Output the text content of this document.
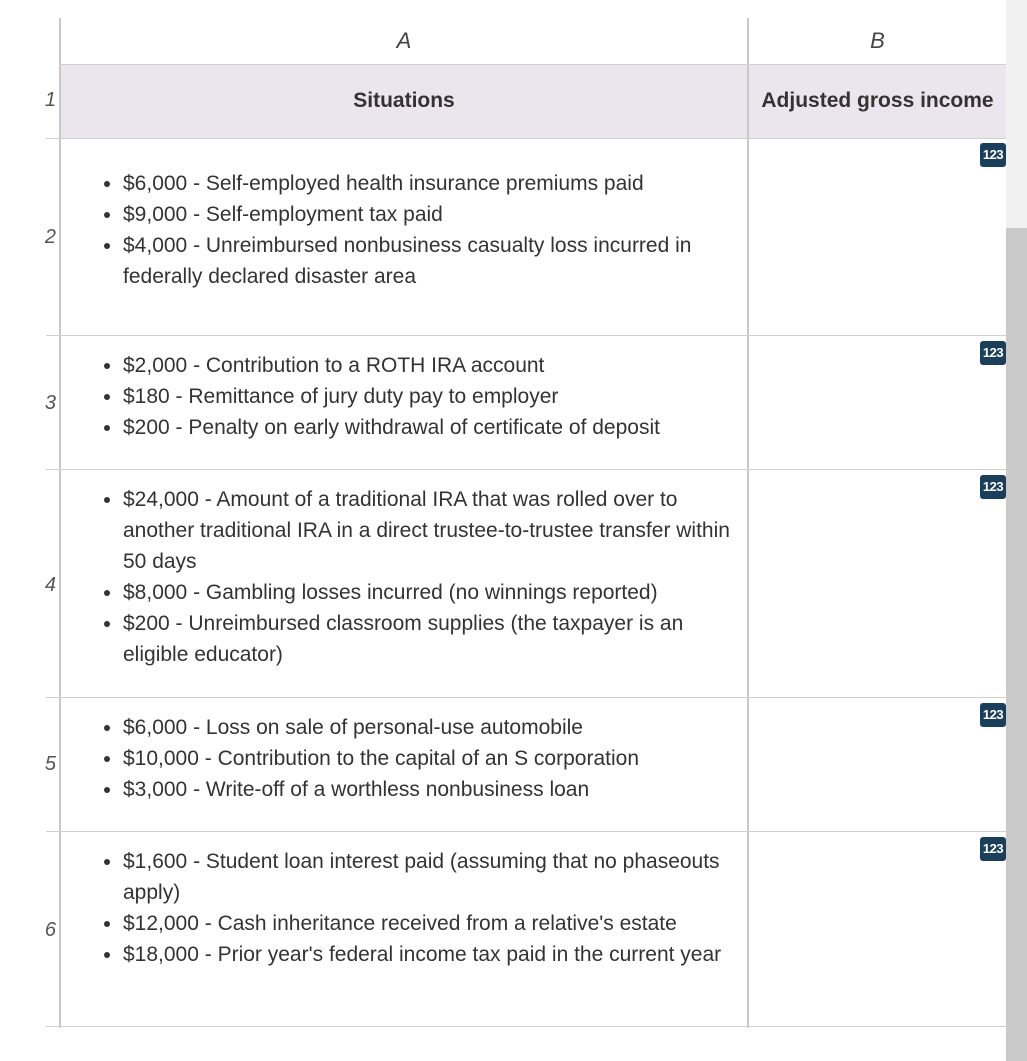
A	B
1
2
3
4
5
6
Situations	Adjusted gross income
• $6,000 - Self-employed health insurance premiums paid
• $9,000 - Self-employment tax paid
• $4,000 - Unreimbursed nonbusiness casualty loss incurred in federally declared disaster area
123
• $2,000 - Contribution to a ROTH IRA account
• $180 - Remittance of jury duty pay to employer
• $200 - Penalty on early withdrawal of certificate of deposit
123
• $24,000 - Amount of a traditional IRA that was rolled over to another traditional IRA in a direct trustee-to-trustee transfer within 50 days
• $8,000 - Gambling losses incurred (no winnings reported)
• $200 - Unreimbursed classroom supplies (the taxpayer is an eligible educator)
123
• $6,000 - Loss on sale of personal-use automobile
• $10,000 - Contribution to the capital of an S corporation
• $3,000 - Write-off of a worthless nonbusiness loan
123
• $1,600 - Student loan interest paid (assuming that no phaseouts apply)
• $12,000 - Cash inheritance received from a relative's estate
• $18,000 - Prior year's federal income tax paid in the current year
123
